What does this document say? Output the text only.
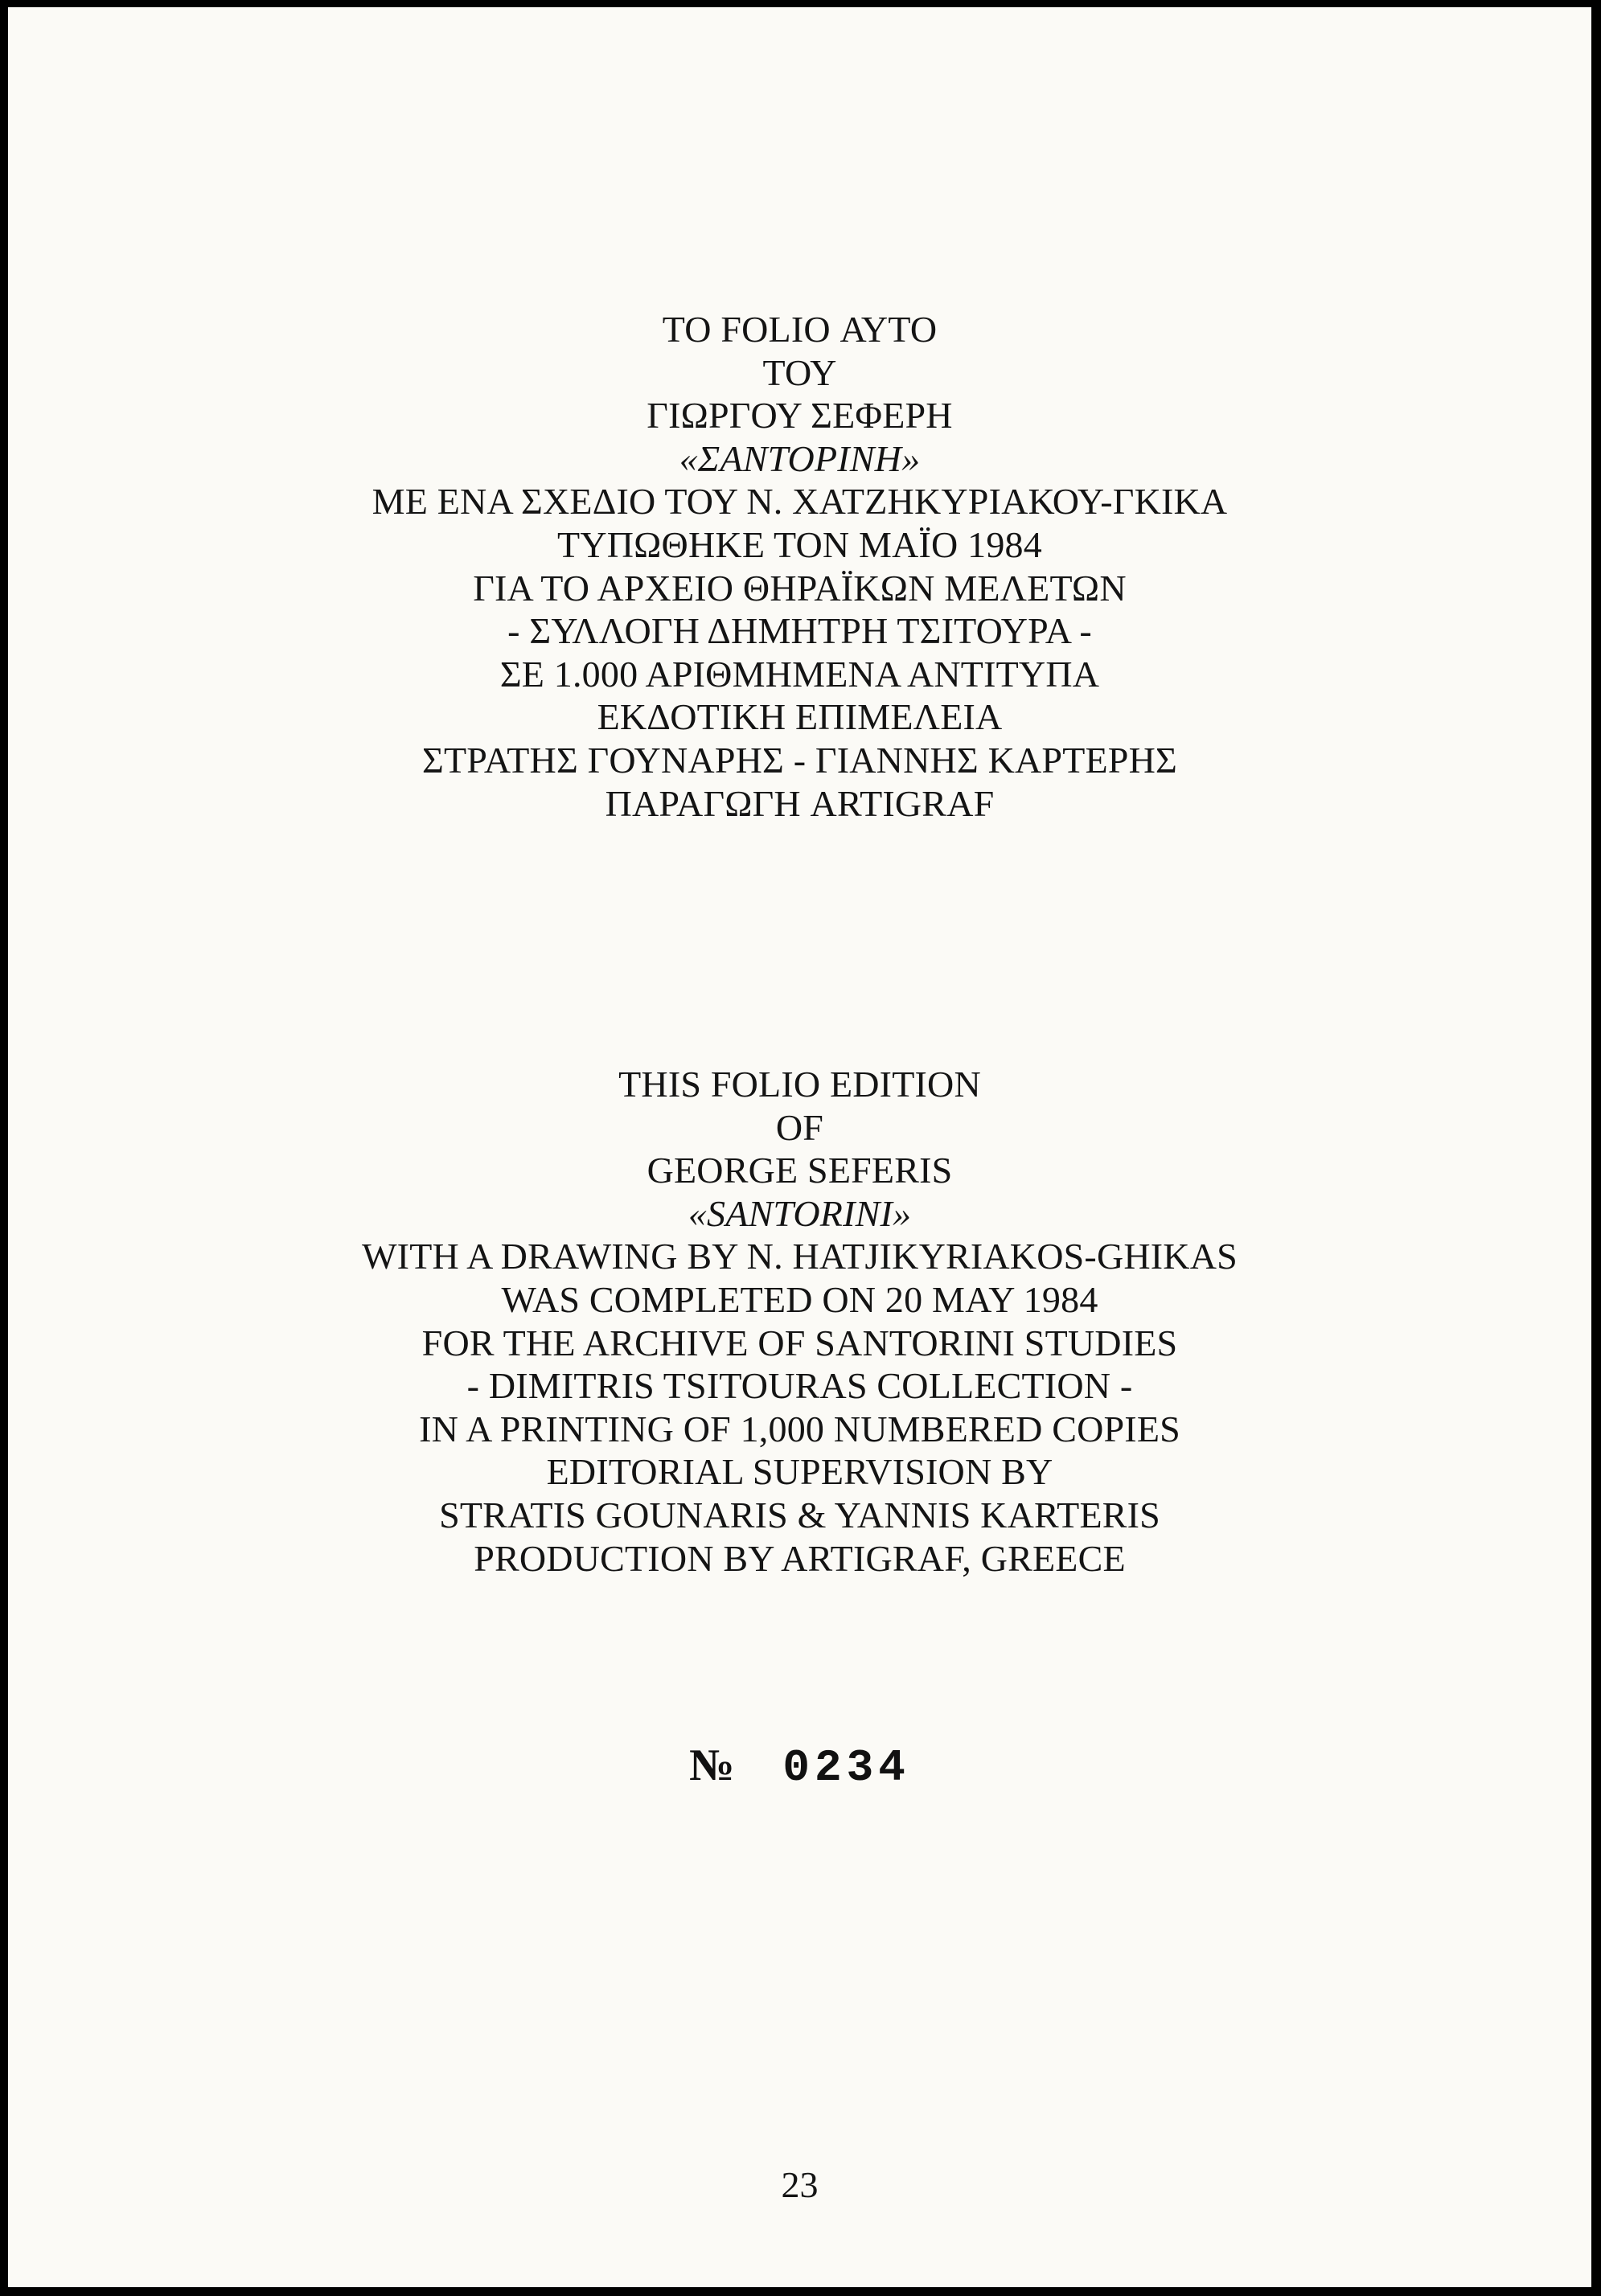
ΤΟ FOLIO ΑΥΤΟ
ΤΟΥ
ΓΙΩΡΓΟΥ ΣΕΦΕΡΗ
«ΣΑΝΤΟΡΙΝΗ»
ΜΕ ΕΝΑ ΣΧΕΔΙΟ ΤΟΥ Ν. ΧΑΤΖΗΚΥΡΙΑΚΟΥ-ΓΚΙΚΑ
ΤΥΠΩΘΗΚΕ ΤΟΝ ΜΑΪΟ 1984
ΓΙΑ ΤΟ ΑΡΧΕΙΟ ΘΗΡΑΪΚΩΝ ΜΕΛΕΤΩΝ
- ΣΥΛΛΟΓΗ ΔΗΜΗΤΡΗ ΤΣΙΤΟΥΡΑ -
ΣΕ 1.000 ΑΡΙΘΜΗΜΕΝΑ ΑΝΤΙΤΥΠΑ
ΕΚΔΟΤΙΚΗ ΕΠΙΜΕΛΕΙΑ
ΣΤΡΑΤΗΣ ΓΟΥΝΑΡΗΣ - ΓΙΑΝΝΗΣ ΚΑΡΤΕΡΗΣ
ΠΑΡΑΓΩΓΗ ARTIGRAF
THIS FOLIO EDITION
OF
GEORGE SEFERIS
«SANTORINI»
WITH A DRAWING BY N. HATJIKYRIAKOS-GHIKAS
WAS COMPLETED ON 20 MAY 1984
FOR THE ARCHIVE OF SANTORINI STUDIES
- DIMITRIS TSITOURAS COLLECTION -
IN A PRINTING OF 1,000 NUMBERED COPIES
EDITORIAL SUPERVISION BY
STRATIS GOUNARIS & YANNIS KARTERIS
PRODUCTION BY ARTIGRAF, GREECE
№ 0234
23
